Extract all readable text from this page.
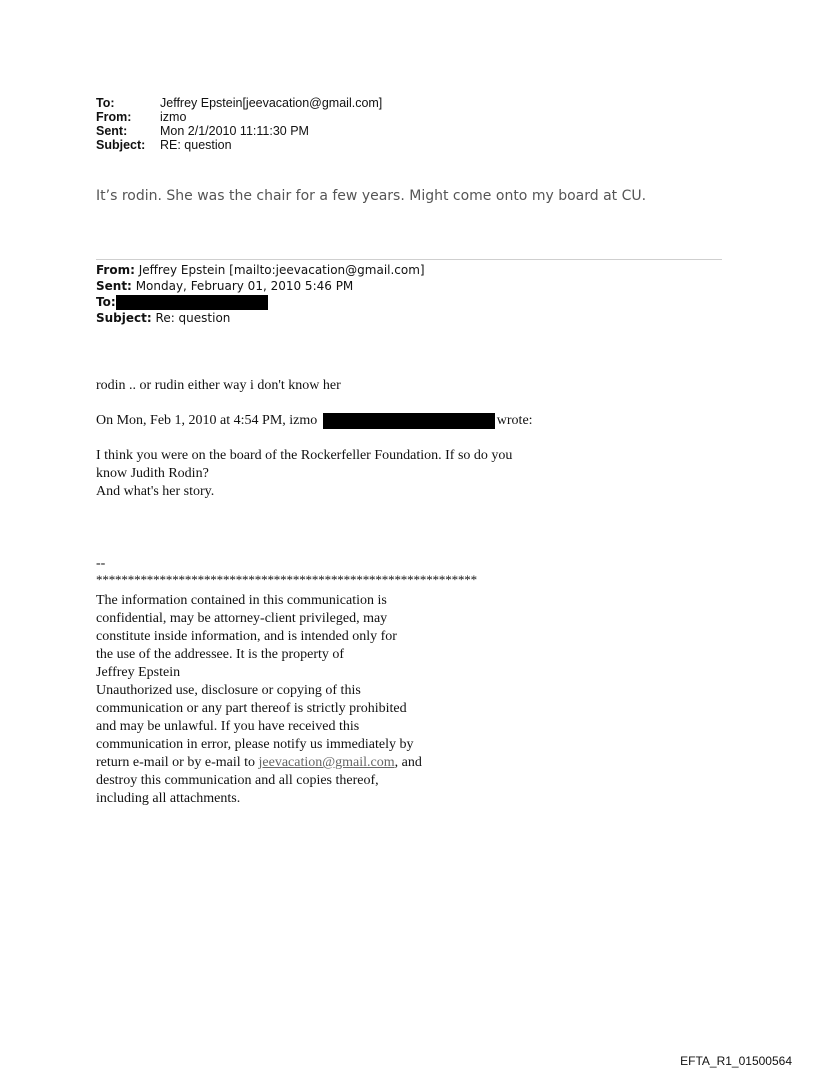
To:	Jeffrey Epstein[jeevacation@gmail.com]
From:	izmo
Sent:	Mon 2/1/2010 11:11:30 PM
Subject:	RE: question
It’s rodin. She was the chair for a few years. Might come onto my board at CU.
From: Jeffrey Epstein [mailto:jeevacation@gmail.com]
Sent: Monday, February 01, 2010 5:46 PM
To:
Subject: Re: question
rodin .. or rudin either way i don't know her
On Mon, Feb 1, 2010 at 4:54 PM, izmo	wrote:
I think you were on the board of the Rockerfeller Foundation. If so do you
know Judith Rodin?
And what's her story.
--
************************************************************
The information contained in this communication is
confidential, may be attorney-client privileged, may
constitute inside information, and is intended only for
the use of the addressee. It is the property of
Jeffrey Epstein
Unauthorized use, disclosure or copying of this
communication or any part thereof is strictly prohibited
and may be unlawful. If you have received this
communication in error, please notify us immediately by
return e-mail or by e-mail to jeevacation@gmail.com, and
destroy this communication and all copies thereof,
including all attachments.
EFTA_R1_01500564
